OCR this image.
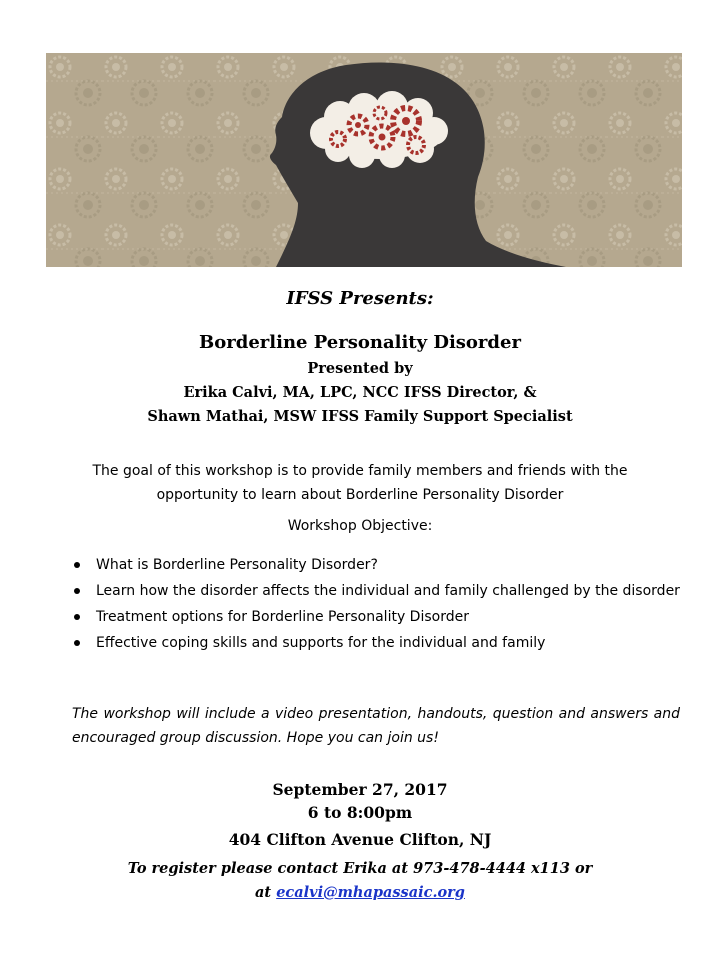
IFSS Presents:
Borderline Personality Disorder
Presented by
Erika Calvi, MA, LPC, NCC IFSS Director, &
Shawn Mathai, MSW IFSS Family Support Specialist
The goal of this workshop is to provide family members and friends with the
opportunity to learn about Borderline Personality Disorder
Workshop Objective:
What is Borderline Personality Disorder?
Learn how the disorder affects the individual and family challenged by the disorder
Treatment options for Borderline Personality Disorder
Effective coping skills and supports for the individual and family
The workshop will include a video presentation, handouts, question and answers and encouraged group discussion. Hope you can join us!
September 27, 2017
6 to 8:00pm
404 Clifton Avenue Clifton, NJ
To register please contact Erika at 973-478-4444 x113 or
at ecalvi@mhapassaic.org
